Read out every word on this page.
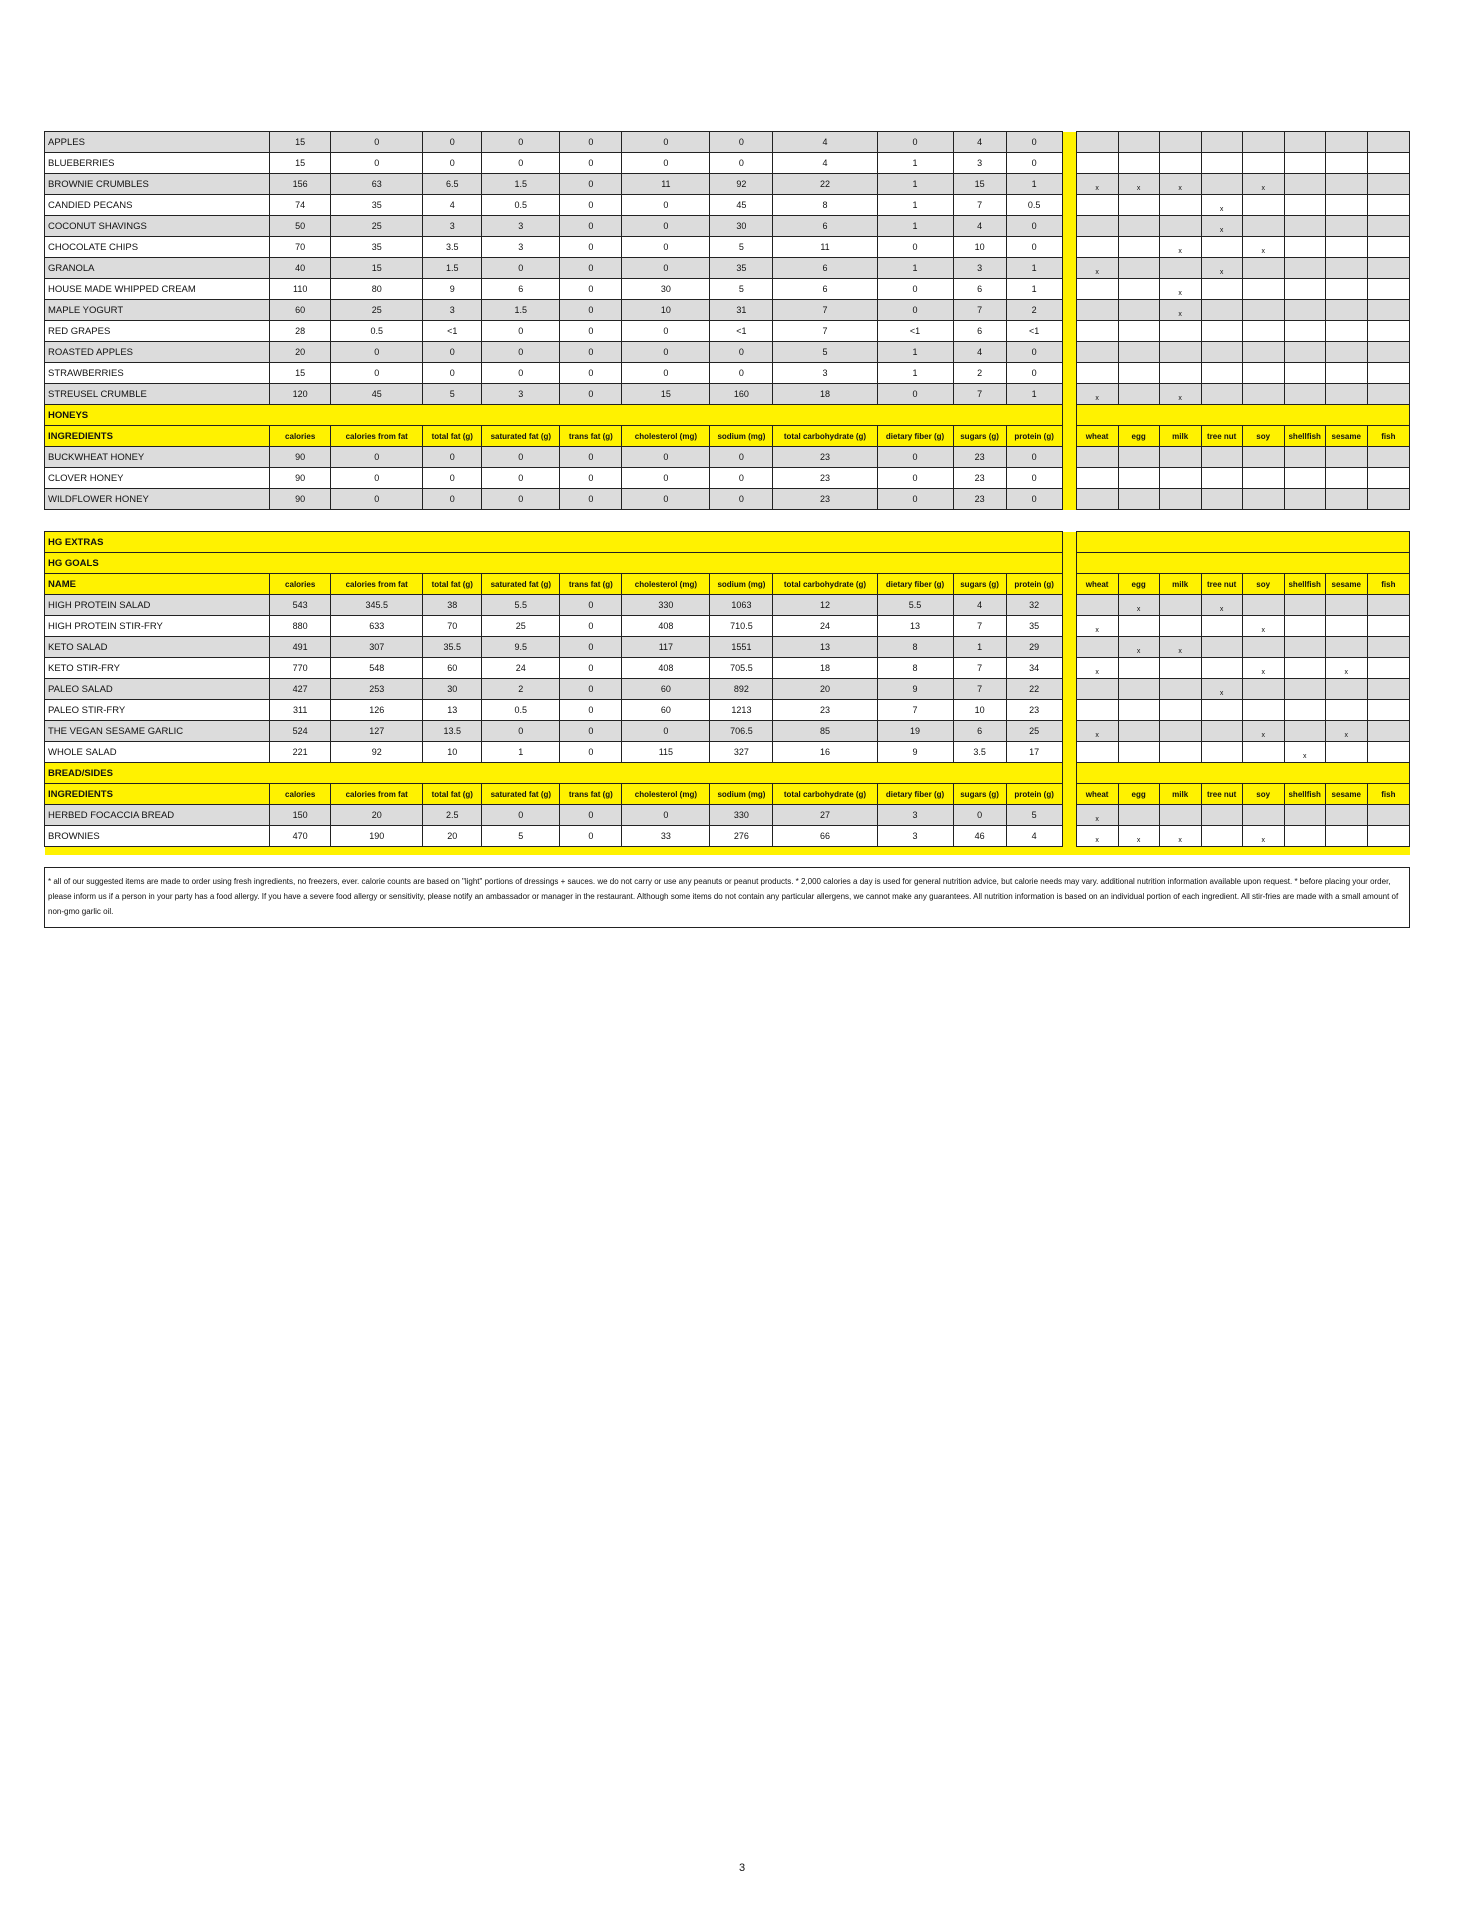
APPLES	15	0	0	0	0	0	0	4	0	4	0									
BLUEBERRIES	15	0	0	0	0	0	0	4	1	3	0									
BROWNIE CRUMBLES	156	63	6.5	1.5	0	11	92	22	1	15	1		$_x$	$_x$	$_x$		$_x$			
CANDIED PECANS	74	35	4	0.5	0	0	45	8	1	7	0.5					$_x$				
COCONUT SHAVINGS	50	25	3	3	0	0	30	6	1	4	0					$_x$				
CHOCOLATE CHIPS	70	35	3.5	3	0	0	5	11	0	10	0				$_x$		$_x$			
GRANOLA	40	15	1.5	0	0	0	35	6	1	3	1		$_x$			$_x$				
HOUSE MADE WHIPPED CREAM	110	80	9	6	0	30	5	6	0	6	1				$_x$					
MAPLE YOGURT	60	25	3	1.5	0	10	31	7	0	7	2				$_x$					
RED GRAPES	28	0.5	<1	0	0	0	<1	7	<1	6	<1									
ROASTED APPLES	20	0	0	0	0	0	0	5	1	4	0									
STRAWBERRIES	15	0	0	0	0	0	0	3	1	2	0									
STREUSEL CRUMBLE	120	45	5	3	0	15	160	18	0	7	1		$_x$		$_x$					
HONEYS																				
INGREDIENTS	calories	calories from fat	total fat (g)	saturated fat (g)	trans fat (g)	cholesterol (mg)	sodium (mg)	total carbohydrate (g)	dietary fiber (g)	sugars (g)	protein (g)		wheat	egg	milk	tree nut	soy	shellfish	sesame	fish
BUCKWHEAT HONEY	90	0	0	0	0	0	0	23	0	23	0									
CLOVER HONEY	90	0	0	0	0	0	0	23	0	23	0									
WILDFLOWER HONEY	90	0	0	0	0	0	0	23	0	23	0									
HG EXTRAS																				
HG GOALS																				
NAME	calories	calories from fat	total fat (g)	saturated fat (g)	trans fat (g)	cholesterol (mg)	sodium (mg)	total carbohydrate (g)	dietary fiber (g)	sugars (g)	protein (g)		wheat	egg	milk	tree nut	soy	shellfish	sesame	fish
HIGH PROTEIN SALAD	543	345.5	38	5.5	0	330	1063	12	5.5	4	32			$_x$		$_x$				
HIGH PROTEIN STIR-FRY	880	633	70	25	0	408	710.5	24	13	7	35		$_x$				$_x$			
KETO SALAD	491	307	35.5	9.5	0	117	1551	13	8	1	29			$_x$	$_x$					
KETO STIR-FRY	770	548	60	24	0	408	705.5	18	8	7	34		$_x$				$_x$		$_x$	
PALEO SALAD	427	253	30	2	0	60	892	20	9	7	22					$_x$				
PALEO STIR-FRY	311	126	13	0.5	0	60	1213	23	7	10	23									
THE VEGAN SESAME GARLIC	524	127	13.5	0	0	0	706.5	85	19	6	25		$_x$				$_x$		$_x$	
WHOLE SALAD	221	92	10	1	0	115	327	16	9	3.5	17							$_x$		
BREAD/SIDES																				
INGREDIENTS	calories	calories from fat	total fat (g)	saturated fat (g)	trans fat (g)	cholesterol (mg)	sodium (mg)	total carbohydrate (g)	dietary fiber (g)	sugars (g)	protein (g)		wheat	egg	milk	tree nut	soy	shellfish	sesame	fish
HERBED FOCACCIA BREAD	150	20	2.5	0	0	0	330	27	3	0	5		$_x$							
BROWNIES	470	190	20	5	0	33	276	66	3	46	4		$_x$	$_x$	$_x$		$_x$			

* all of our suggested items are made to order using fresh ingredients, no freezers, ever. calorie counts are based on "light" portions of dressings + sauces. we do not carry or use any peanuts or peanut products. * 2,000 calories a day is used for general nutrition advice, but calorie needs may vary. additional nutrition information available upon request. * before placing your order, please inform us if a person in your party has a food allergy. If you have a severe food allergy or sensitivity, please notify an ambassador or manager in the restaurant. Although some items do not contain any particular allergens, we cannot make any guarantees. All nutrition information is based on an individual portion of each ingredient. All stir-fries are made with a small amount of non-gmo garlic oil.
3
